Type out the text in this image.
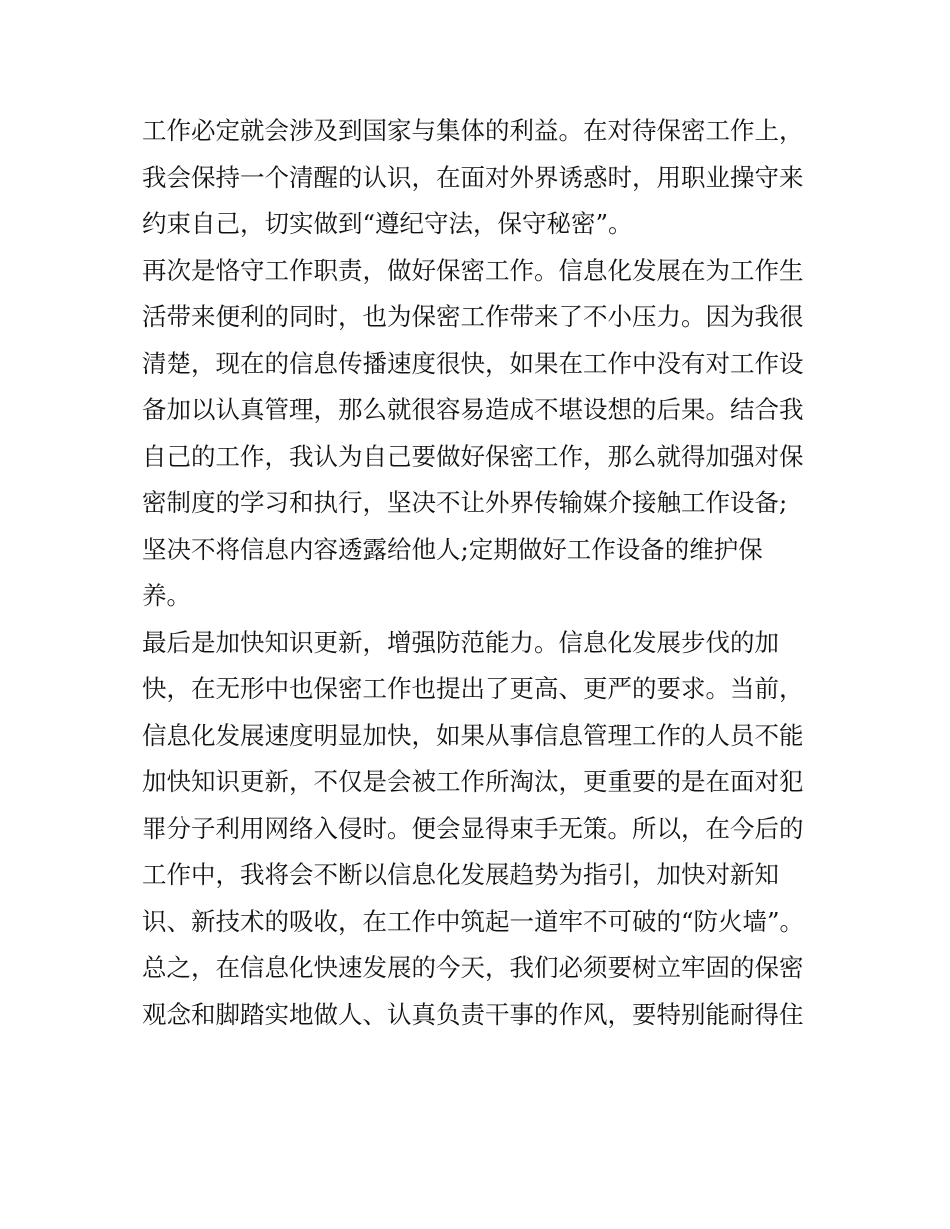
工作必定就会涉及到国家与集体的利益。在对待保密工作上，

我会保持一个清醒的认识，在面对外界诱惑时，用职业操守来

约束自己，切实做到“遵纪守法，保守秘密”。

再次是恪守工作职责，做好保密工作。信息化发展在为工作生

活带来便利的同时，也为保密工作带来了不小压力。因为我很

清楚，现在的信息传播速度很快，如果在工作中没有对工作设

备加以认真管理，那么就很容易造成不堪设想的后果。结合我

自己的工作，我认为自己要做好保密工作，那么就得加强对保

密制度的学习和执行，坚决不让外界传输媒介接触工作设备;

坚决不将信息内容透露给他人;定期做好工作设备的维护保

养。

最后是加快知识更新，增强防范能力。信息化发展步伐的加

快，在无形中也保密工作也提出了更高、更严的要求。当前，

信息化发展速度明显加快，如果从事信息管理工作的人员不能

加快知识更新，不仅是会被工作所淘汰，更重要的是在面对犯

罪分子利用网络入侵时。便会显得束手无策。所以，在今后的

工作中，我将会不断以信息化发展趋势为指引，加快对新知

识、新技术的吸收，在工作中筑起一道牢不可破的“防火墙”。

总之，在信息化快速发展的今天，我们必须要树立牢固的保密

观念和脚踏实地做人、认真负责干事的作风，要特别能耐得住
